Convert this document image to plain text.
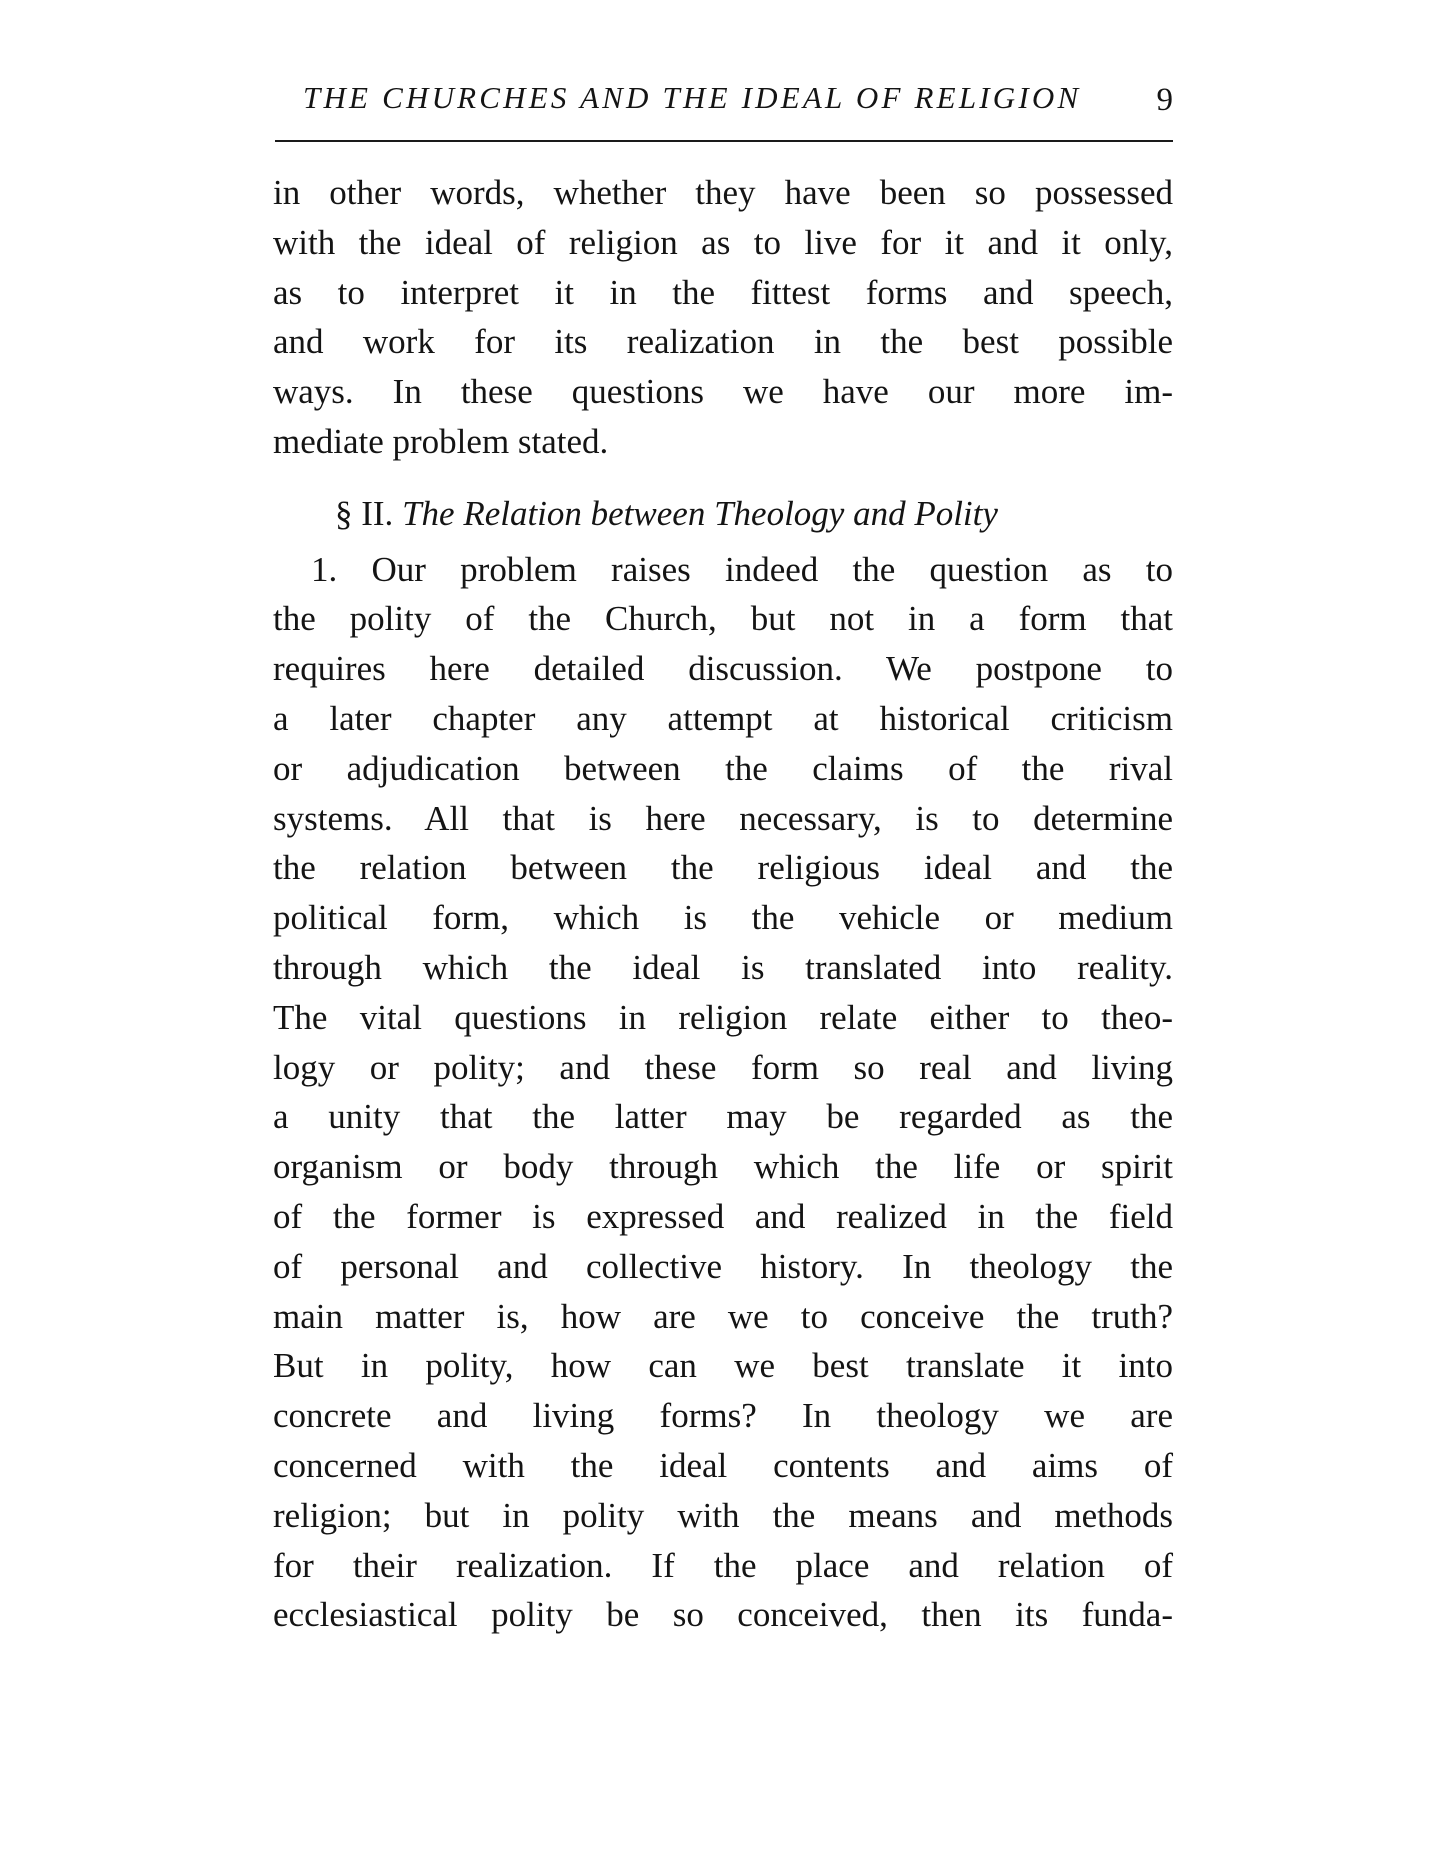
THE CHURCHES AND THE IDEAL OF RELIGION 9
in other words, whether they have been so possessed
with the ideal of religion as to live for it and it only,
as to interpret it in the fittest forms and speech,
and work for its realization in the best possible
ways. In these questions we have our more im-
mediate problem stated.
§ II. The Relation between Theology and Polity
1. Our problem raises indeed the question as to
the polity of the Church, but not in a form that
requires here detailed discussion. We postpone to
a later chapter any attempt at historical criticism
or adjudication between the claims of the rival
systems. All that is here necessary, is to determine
the relation between the religious ideal and the
political form, which is the vehicle or medium
through which the ideal is translated into reality.
The vital questions in religion relate either to theo-
logy or polity; and these form so real and living
a unity that the latter may be regarded as the
organism or body through which the life or spirit
of the former is expressed and realized in the field
of personal and collective history. In theology the
main matter is, how are we to conceive the truth?
But in polity, how can we best translate it into
concrete and living forms? In theology we are
concerned with the ideal contents and aims of
religion; but in polity with the means and methods
for their realization. If the place and relation of
ecclesiastical polity be so conceived, then its funda-
